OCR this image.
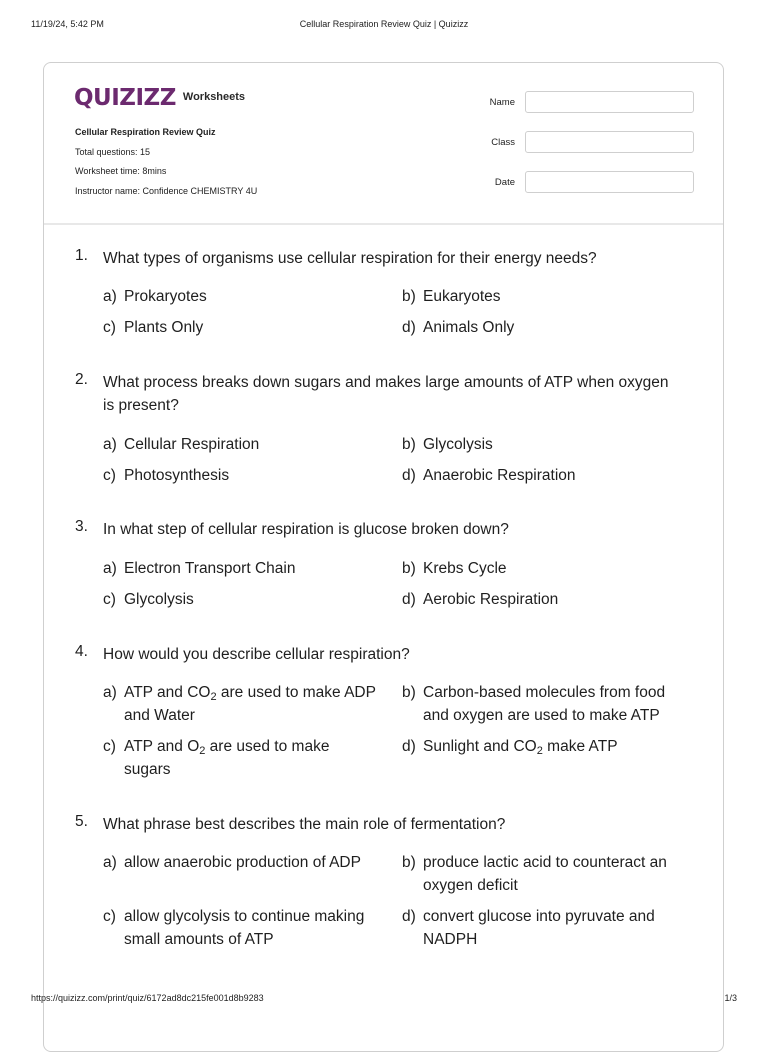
11/19/24, 5:42 PM	Cellular Respiration Review Quiz | Quizizz
QUIZIZZ Worksheets
Cellular Respiration Review Quiz
Total questions: 15
Worksheet time: 8mins
Instructor name: Confidence CHEMISTRY 4U
Name
Class
Date
1. What types of organisms use cellular respiration for their energy needs?
a) Prokaryotes	b) Eukaryotes
c) Plants Only	d) Animals Only
2. What process breaks down sugars and makes large amounts of ATP when oxygen is present?
a) Cellular Respiration	b) Glycolysis
c) Photosynthesis	d) Anaerobic Respiration
3. In what step of cellular respiration is glucose broken down?
a) Electron Transport Chain	b) Krebs Cycle
c) Glycolysis	d) Aerobic Respiration
4. How would you describe cellular respiration?
a) ATP and $CO_2$ are used to make ADP and Water
b) Carbon-based molecules from food and oxygen are used to make ATP
c) ATP and $O_2$ are used to make sugars
d) Sunlight and $CO_2$ make ATP
5. What phrase best describes the main role of fermentation?
a) allow anaerobic production of ADP	b) produce lactic acid to counteract an oxygen deficit
c) allow glycolysis to continue making small amounts of ATP
d) convert glucose into pyruvate and NADPH
https://quizizz.com/print/quiz/6172ad8dc215fe001d8b9283	1/3
